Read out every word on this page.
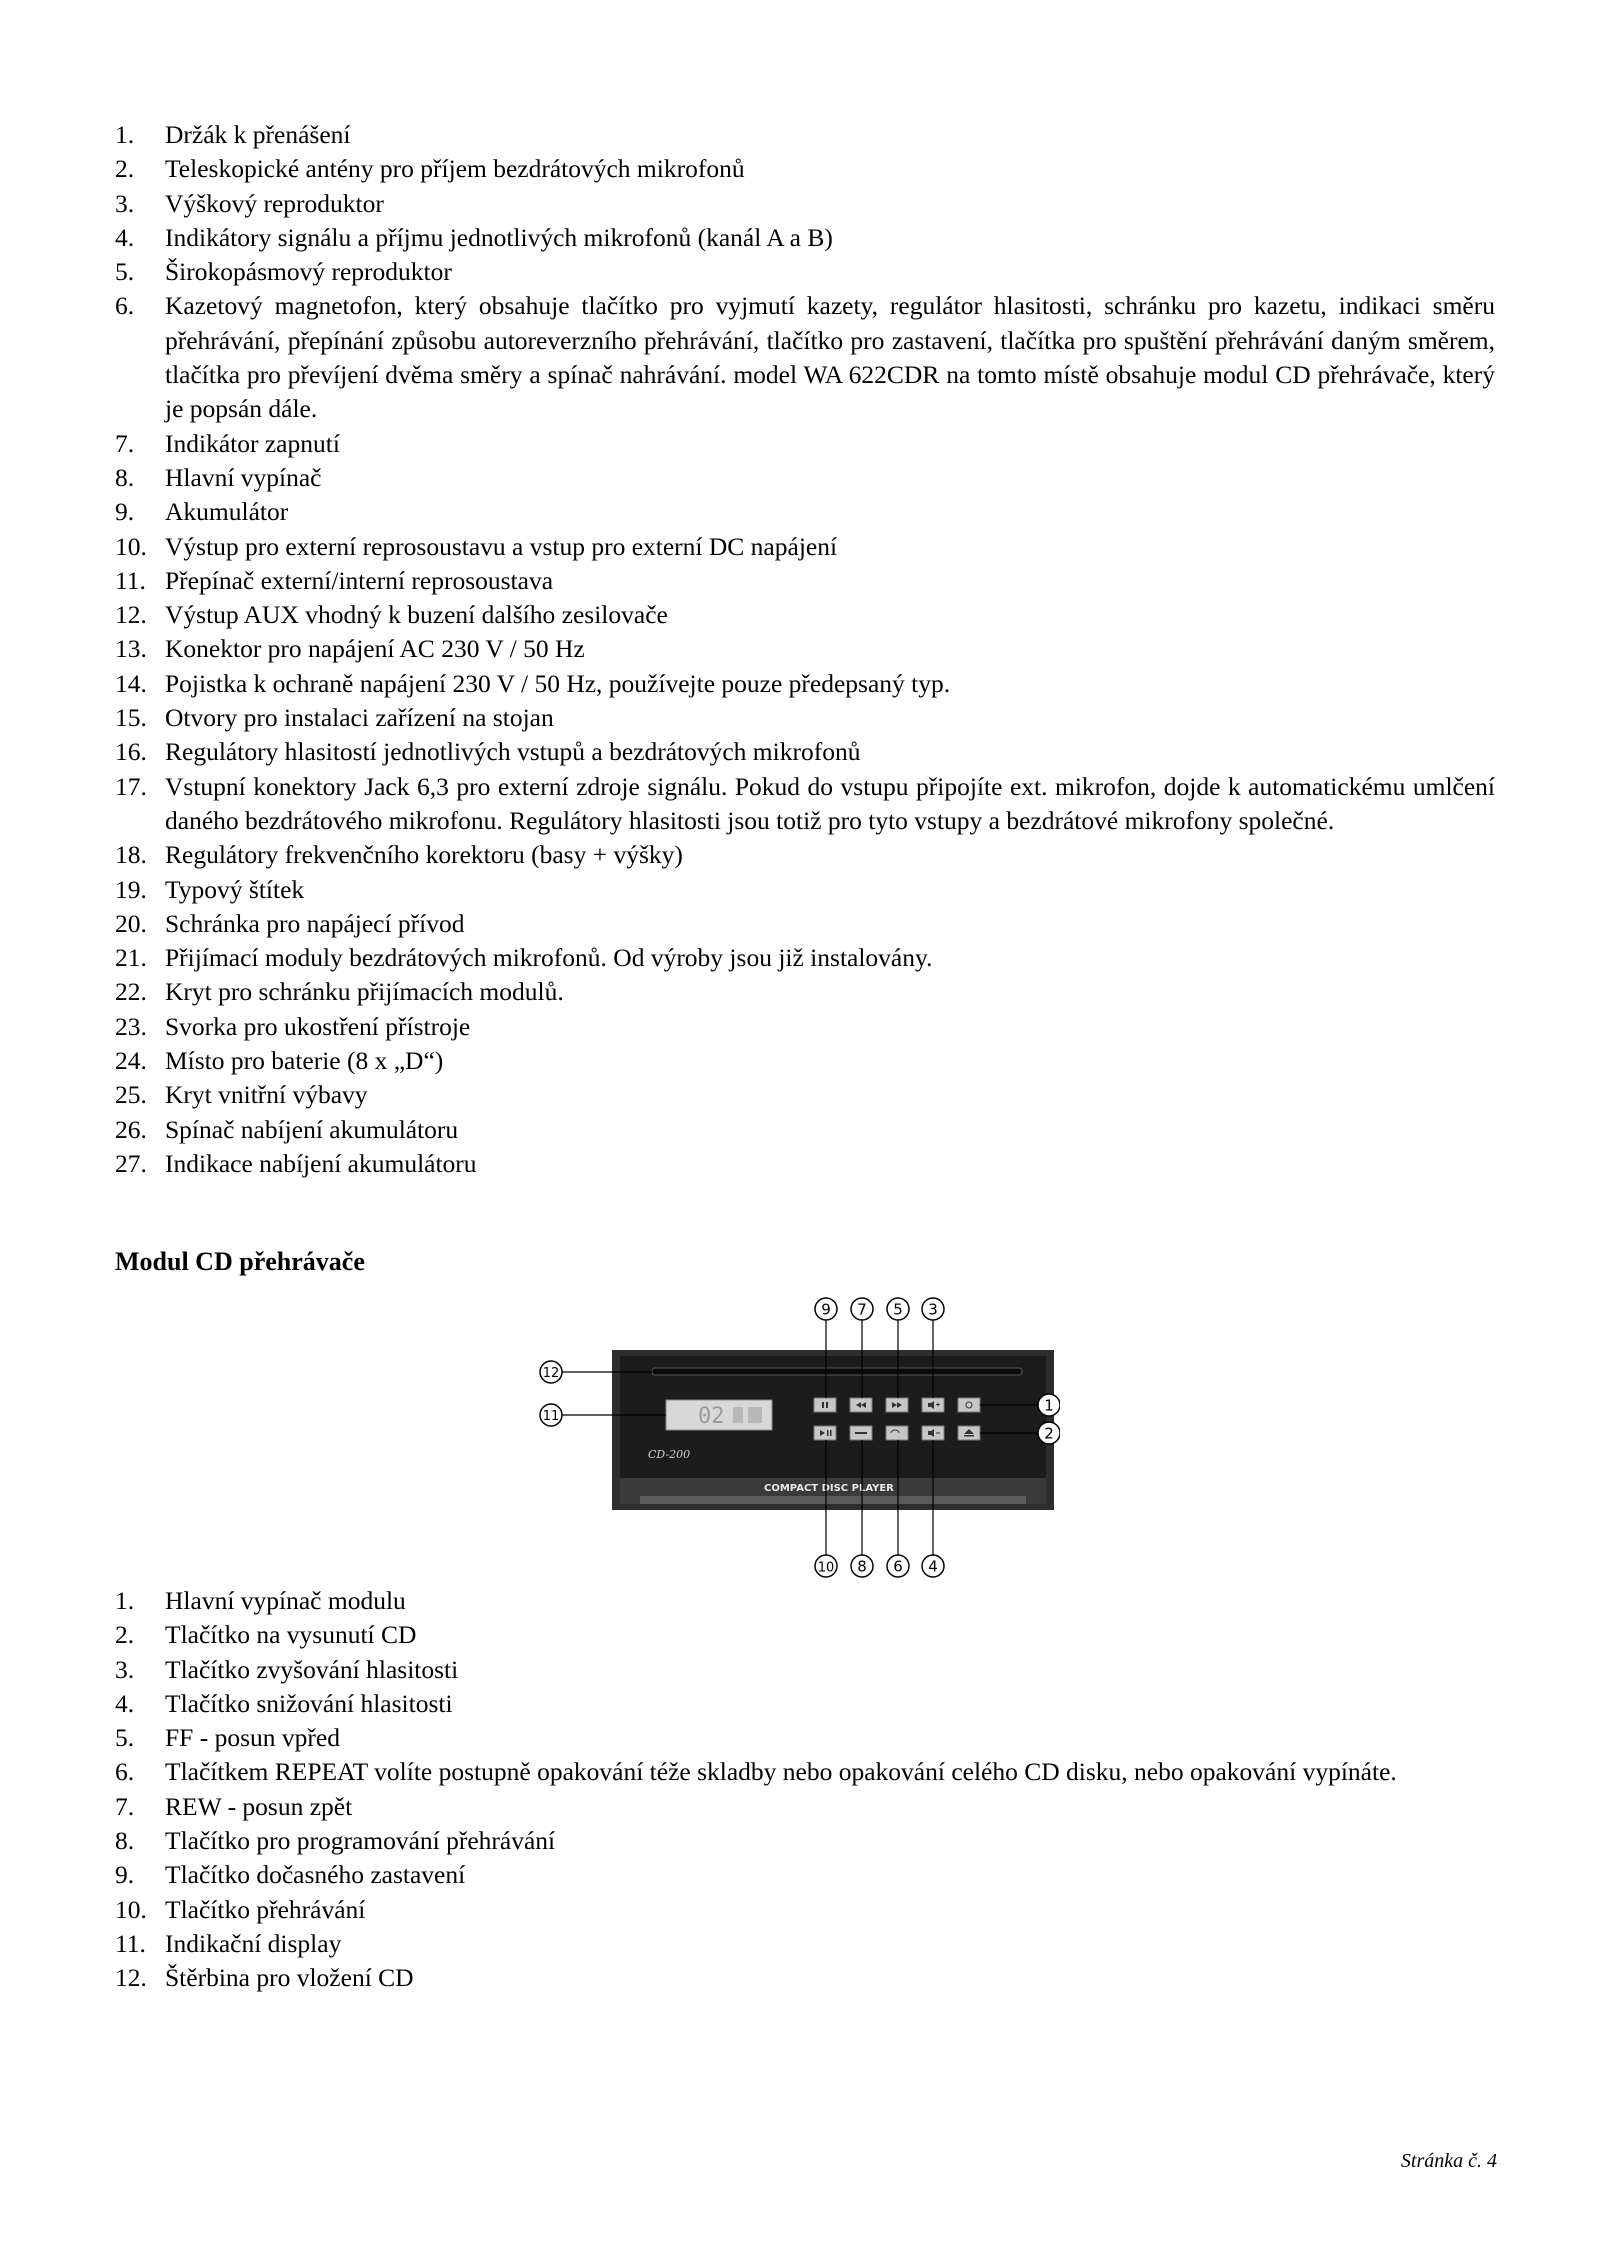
1. Držák k přenášení
2. Teleskopické antény pro příjem bezdrátových mikrofonů
3. Výškový reproduktor
4. Indikátory signálu a příjmu jednotlivých mikrofonů (kanál A a B)
5. Širokopásmový reproduktor
6. Kazetový magnetofon, který obsahuje tlačítko pro vyjmutí kazety, regulátor hlasitosti, schránku pro kazetu, indikaci směru přehrávání, přepínání způsobu autoreverzního přehrávání, tlačítko pro zastavení, tlačítka pro spuštění přehrávání daným směrem, tlačítka pro převíjení dvěma směry a spínač nahrávání. model WA 622CDR na tomto místě obsahuje modul CD přehrávače, který je popsán dále.
7. Indikátor zapnutí
8. Hlavní vypínač
9. Akumulátor
10. Výstup pro externí reprosoustavu a vstup pro externí DC napájení
11. Přepínač externí/interní reprosoustava
12. Výstup AUX vhodný k buzení dalšího zesilovače
13. Konektor pro napájení AC 230 V / 50 Hz
14. Pojistka k ochraně napájení 230 V / 50 Hz, používejte pouze předepsaný typ.
15. Otvory pro instalaci zařízení na stojan
16. Regulátory hlasitostí jednotlivých vstupů a bezdrátových mikrofonů
17. Vstupní konektory Jack 6,3 pro externí zdroje signálu. Pokud do vstupu připojíte ext. mikrofon, dojde k automatickému umlčení daného bezdrátového mikrofonu. Regulátory hlasitosti jsou totiž pro tyto vstupy a bezdrátové mikrofony společné.
18. Regulátory frekvenčního korektoru (basy + výšky)
19. Typový štítek
20. Schránka pro napájecí přívod
21. Přijímací moduly bezdrátových mikrofonů. Od výroby jsou již instalovány.
22. Kryt pro schránku přijímacích modulů.
23. Svorka pro ukostření přístroje
24. Místo pro baterie (8 x „D“)
25. Kryt vnitřní výbavy
26. Spínač nabíjení akumulátoru
27. Indikace nabíjení akumulátoru
Modul CD přehrávače
02
CD-200
COMPACT DISC PLAYER
9 7 5 3
10 8 6 4
12
11
1
2
1. Hlavní vypínač modulu
2. Tlačítko na vysunutí CD
3. Tlačítko zvyšování hlasitosti
4. Tlačítko snižování hlasitosti
5. FF - posun vpřed
6. Tlačítkem REPEAT volíte postupně opakování téže skladby nebo opakování celého CD disku, nebo opakování vypínáte.
7. REW - posun zpět
8. Tlačítko pro programování přehrávání
9. Tlačítko dočasného zastavení
10. Tlačítko přehrávání
11. Indikační display
12. Štěrbina pro vložení CD
Stránka č. 4
